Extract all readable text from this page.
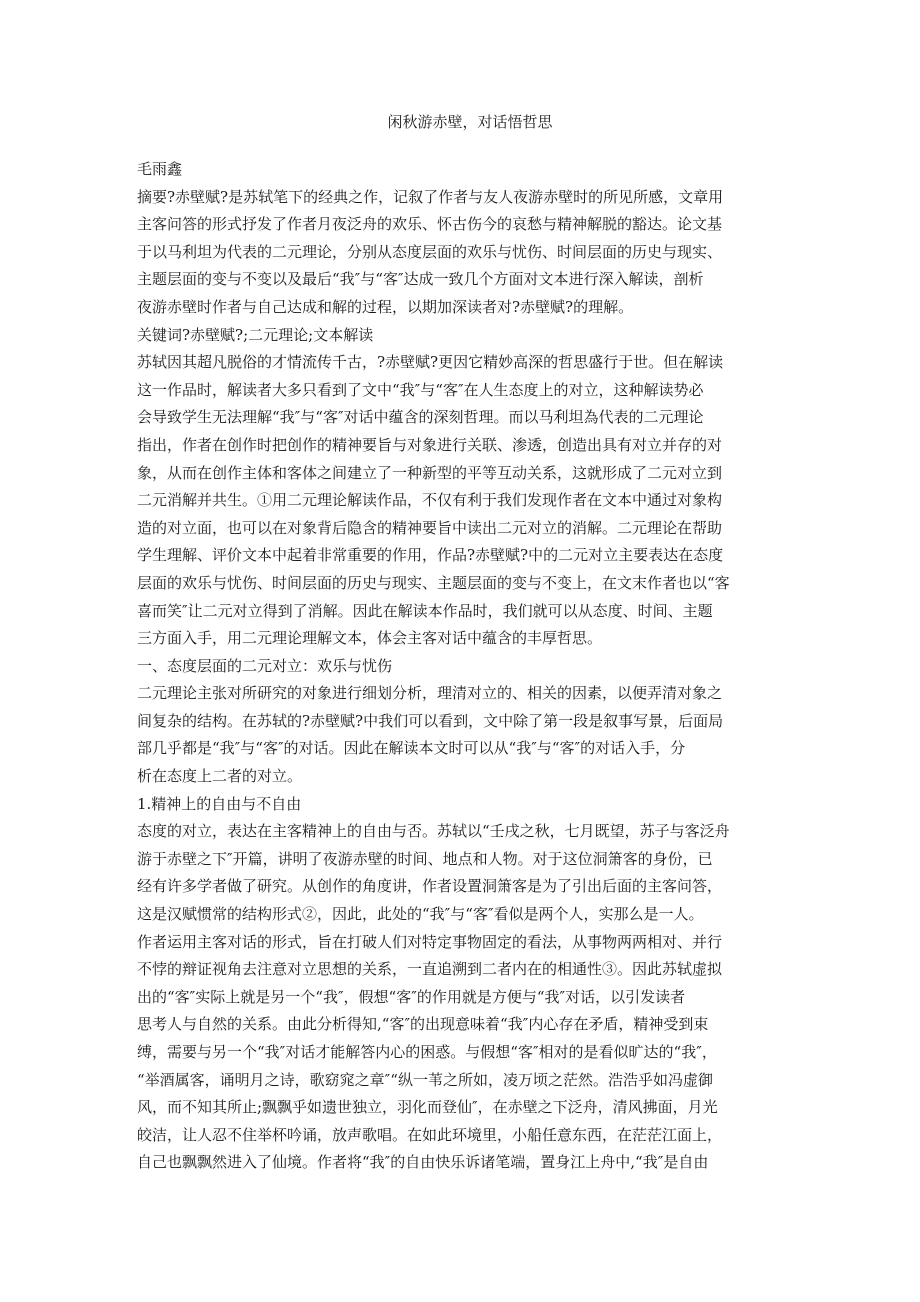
闲秋游赤壁，对话悟哲思

毛雨鑫

摘要?赤壁赋?是苏轼笔下的经典之作，记叙了作者与友人夜游赤壁时的所见所感，文章用

主客问答的形式抒发了作者月夜泛舟的欢乐、怀古伤今的哀愁与精神解脱的豁达。论文基

于以马利坦为代表的二元理论，分别从态度层面的欢乐与忧伤、时间层面的历史与现实、

主题层面的变与不变以及最后“我″与“客″达成一致几个方面对文本进行深入解读，剖析

夜游赤壁时作者与自己达成和解的过程，以期加深读者对?赤壁赋?的理解。

关键词?赤壁赋?;二元理论;文本解读

苏轼因其超凡脱俗的才情流传千古，?赤壁赋?更因它精妙高深的哲思盛行于世。但在解读

这一作品时，解读者大多只看到了文中“我″与“客″在人生态度上的对立，这种解读势必

会导致学生无法理解“我″与“客″对话中蕴含的深刻哲理。而以马利坦為代表的二元理论

指出，作者在创作时把创作的精神要旨与对象进行关联、渗透，创造出具有对立并存的对

象，从而在创作主体和客体之间建立了一种新型的平等互动关系，这就形成了二元对立到

二元消解并共生。①用二元理论解读作品，不仅有利于我们发现作者在文本中通过对象构

造的对立面，也可以在对象背后隐含的精神要旨中读出二元对立的消解。二元理论在帮助

学生理解、评价文本中起着非常重要的作用，作品?赤壁赋?中的二元对立主要表达在态度

层面的欢乐与忧伤、时间层面的历史与现实、主题层面的变与不变上，在文末作者也以“客

喜而笑″让二元对立得到了消解。因此在解读本作品时，我们就可以从态度、时间、主题

三方面入手，用二元理论理解文本，体会主客对话中蕴含的丰厚哲思。

一、态度层面的二元对立：欢乐与忧伤

二元理论主张对所研究的对象进行细划分析，理清对立的、相关的因素，以便弄清对象之

间复杂的结构。在苏轼的?赤壁赋?中我们可以看到，文中除了第一段是叙事写景，后面局

部几乎都是“我″与“客″的对话。因此在解读本文时可以从“我″与“客″的对话入手，分

析在态度上二者的对立。

1.精神上的自由与不自由

态度的对立，表达在主客精神上的自由与否。苏轼以“壬戌之秋，七月既望，苏子与客泛舟

游于赤壁之下″开篇，讲明了夜游赤壁的时间、地点和人物。对于这位洞箫客的身份，已

经有许多学者做了研究。从创作的角度讲，作者设置洞箫客是为了引出后面的主客问答，

这是汉赋惯常的结构形式②，因此，此处的“我″与“客″看似是两个人，实那么是一人。

作者运用主客对话的形式，旨在打破人们对特定事物固定的看法，从事物两两相对、并行

不悖的辩证视角去注意对立思想的关系，一直追溯到二者内在的相通性③。因此苏轼虚拟

出的“客″实际上就是另一个“我″，假想“客″的作用就是方便与“我″对话，以引发读者

思考人与自然的关系。由此分析得知,“客″的出现意味着“我″内心存在矛盾，精神受到束

缚，需要与另一个“我″对话才能解答内心的困惑。与假想“客″相对的是看似旷达的“我″，

“举酒属客，诵明月之诗，歌窈窕之章″“纵一苇之所如，凌万顷之茫然。浩浩乎如冯虚御

风，而不知其所止;飘飘乎如遗世独立，羽化而登仙″，在赤壁之下泛舟，清风拂面，月光

皎洁，让人忍不住举杯吟诵，放声歌唱。在如此环境里，小船任意东西，在茫茫江面上，

自己也飘飘然进入了仙境。作者将“我″的自由快乐诉诸笔端，置身江上舟中,“我″是自由
